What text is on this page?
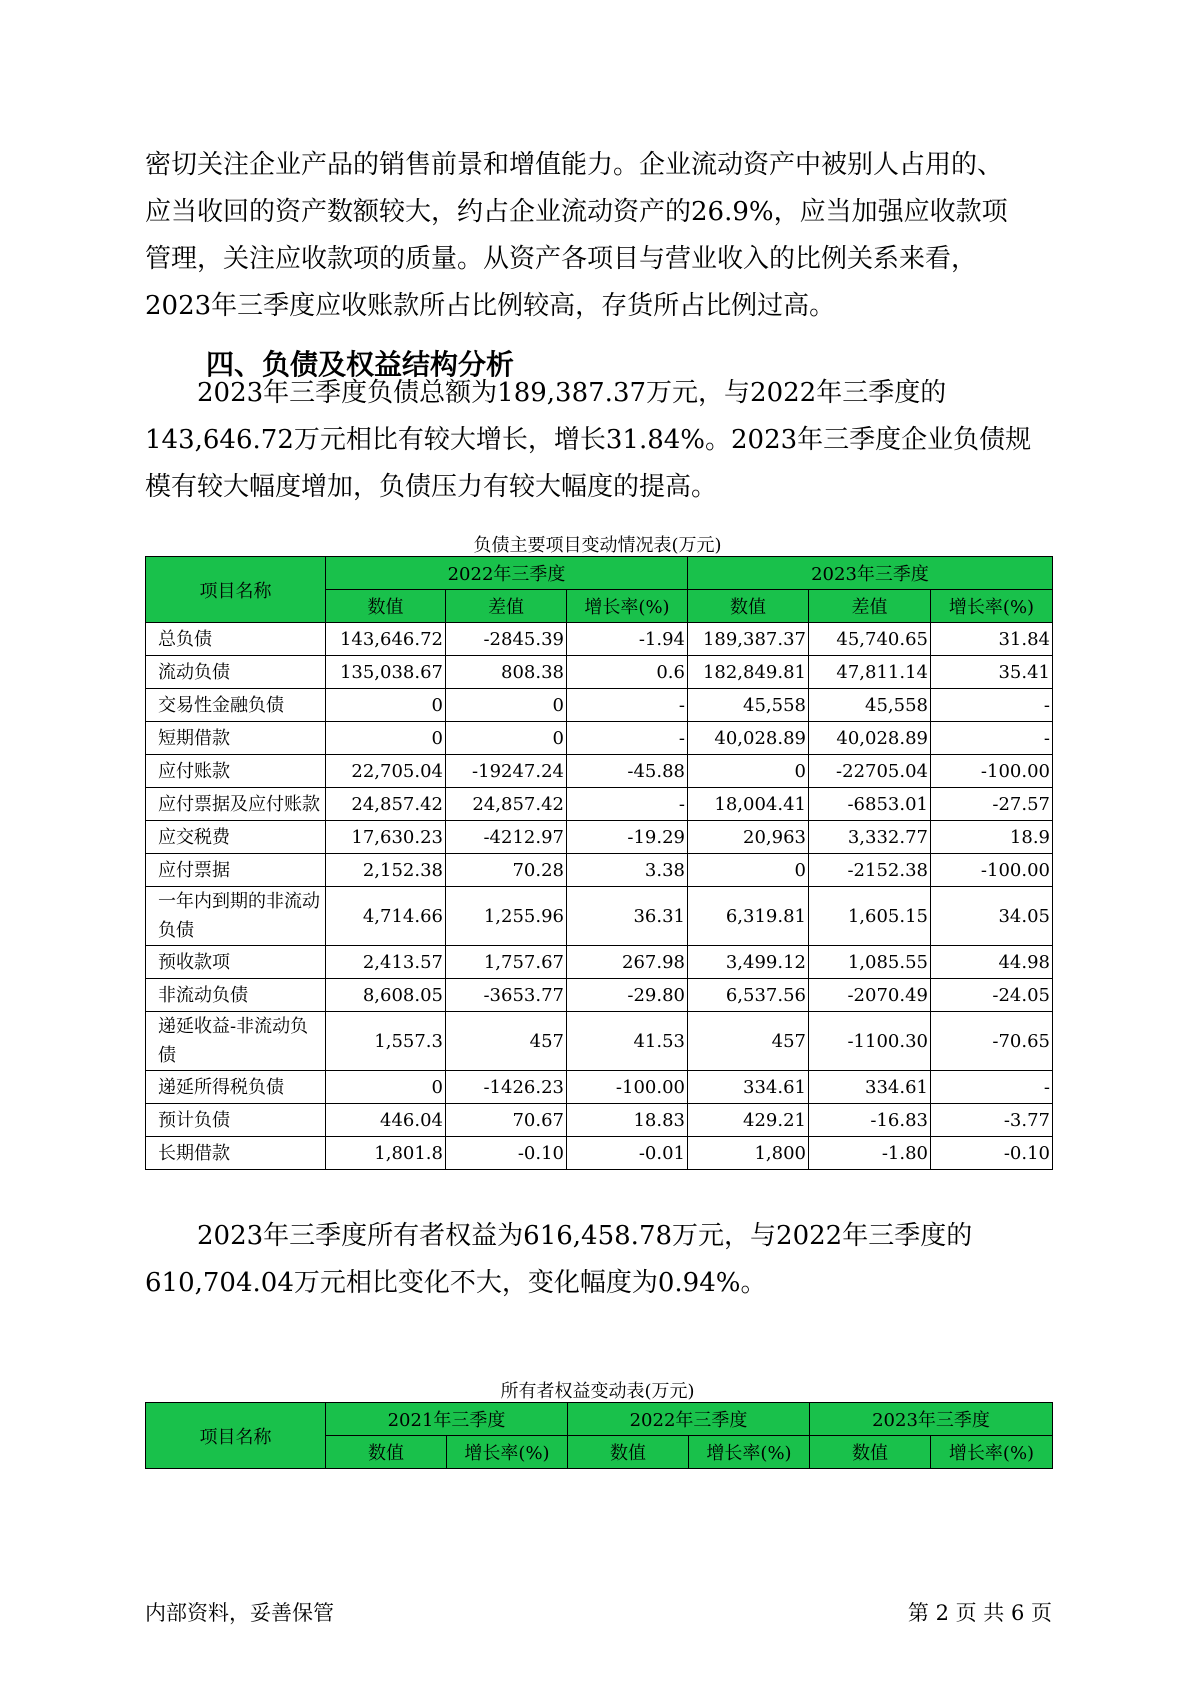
密切关注企业产品的销售前景和增值能力。企业流动资产中被别人占用的、
应当收回的资产数额较大，约占企业流动资产的26.9%，应当加强应收款项
管理，关注应收款项的质量。从资产各项目与营业收入的比例关系来看，
2023年三季度应收账款所占比例较高，存货所占比例过高。
四、负债及权益结构分析
2023年三季度负债总额为189,387.37万元，与2022年三季度的
143,646.72万元相比有较大增长，增长31.84%。2023年三季度企业负债规
模有较大幅度增加，负债压力有较大幅度的提高。
负债主要项目变动情况表(万元)
项目名称	2022年三季度			2023年三季度		
	数值	差值	增长率(%)	数值	差值	增长率(%)
总负债	143,646.72	-2845.39	-1.94	189,387.37	45,740.65	31.84
流动负债	135,038.67	808.38	0.6	182,849.81	47,811.14	35.41
交易性金融负债	0	0	-	45,558	45,558	-
短期借款	0	0	-	40,028.89	40,028.89	-
应付账款	22,705.04	-19247.24	-45.88	0	-22705.04	-100.00
应付票据及应付账款	24,857.42	24,857.42	-	18,004.41	-6853.01	-27.57
应交税费	17,630.23	-4212.97	-19.29	20,963	3,332.77	18.9
应付票据	2,152.38	70.28	3.38	0	-2152.38	-100.00
一年内到期的非流动负债	4,714.66	1,255.96	36.31	6,319.81	1,605.15	34.05
预收款项	2,413.57	1,757.67	267.98	3,499.12	1,085.55	44.98
非流动负债	8,608.05	-3653.77	-29.80	6,537.56	-2070.49	-24.05
递延收益-非流动负债	1,557.3	457	41.53	457	-1100.30	-70.65
递延所得税负债	0	-1426.23	-100.00	334.61	334.61	-
预计负债	446.04	70.67	18.83	429.21	-16.83	-3.77
长期借款	1,801.8	-0.10	-0.01	1,800	-1.80	-0.10
2023年三季度所有者权益为616,458.78万元，与2022年三季度的
610,704.04万元相比变化不大，变化幅度为0.94%。
所有者权益变动表(万元)
项目名称	2021年三季度		2022年三季度		2023年三季度	
	数值	增长率(%)	数值	增长率(%)	数值	增长率(%)
内部资料，妥善保管	第 2 页 共 6 页
